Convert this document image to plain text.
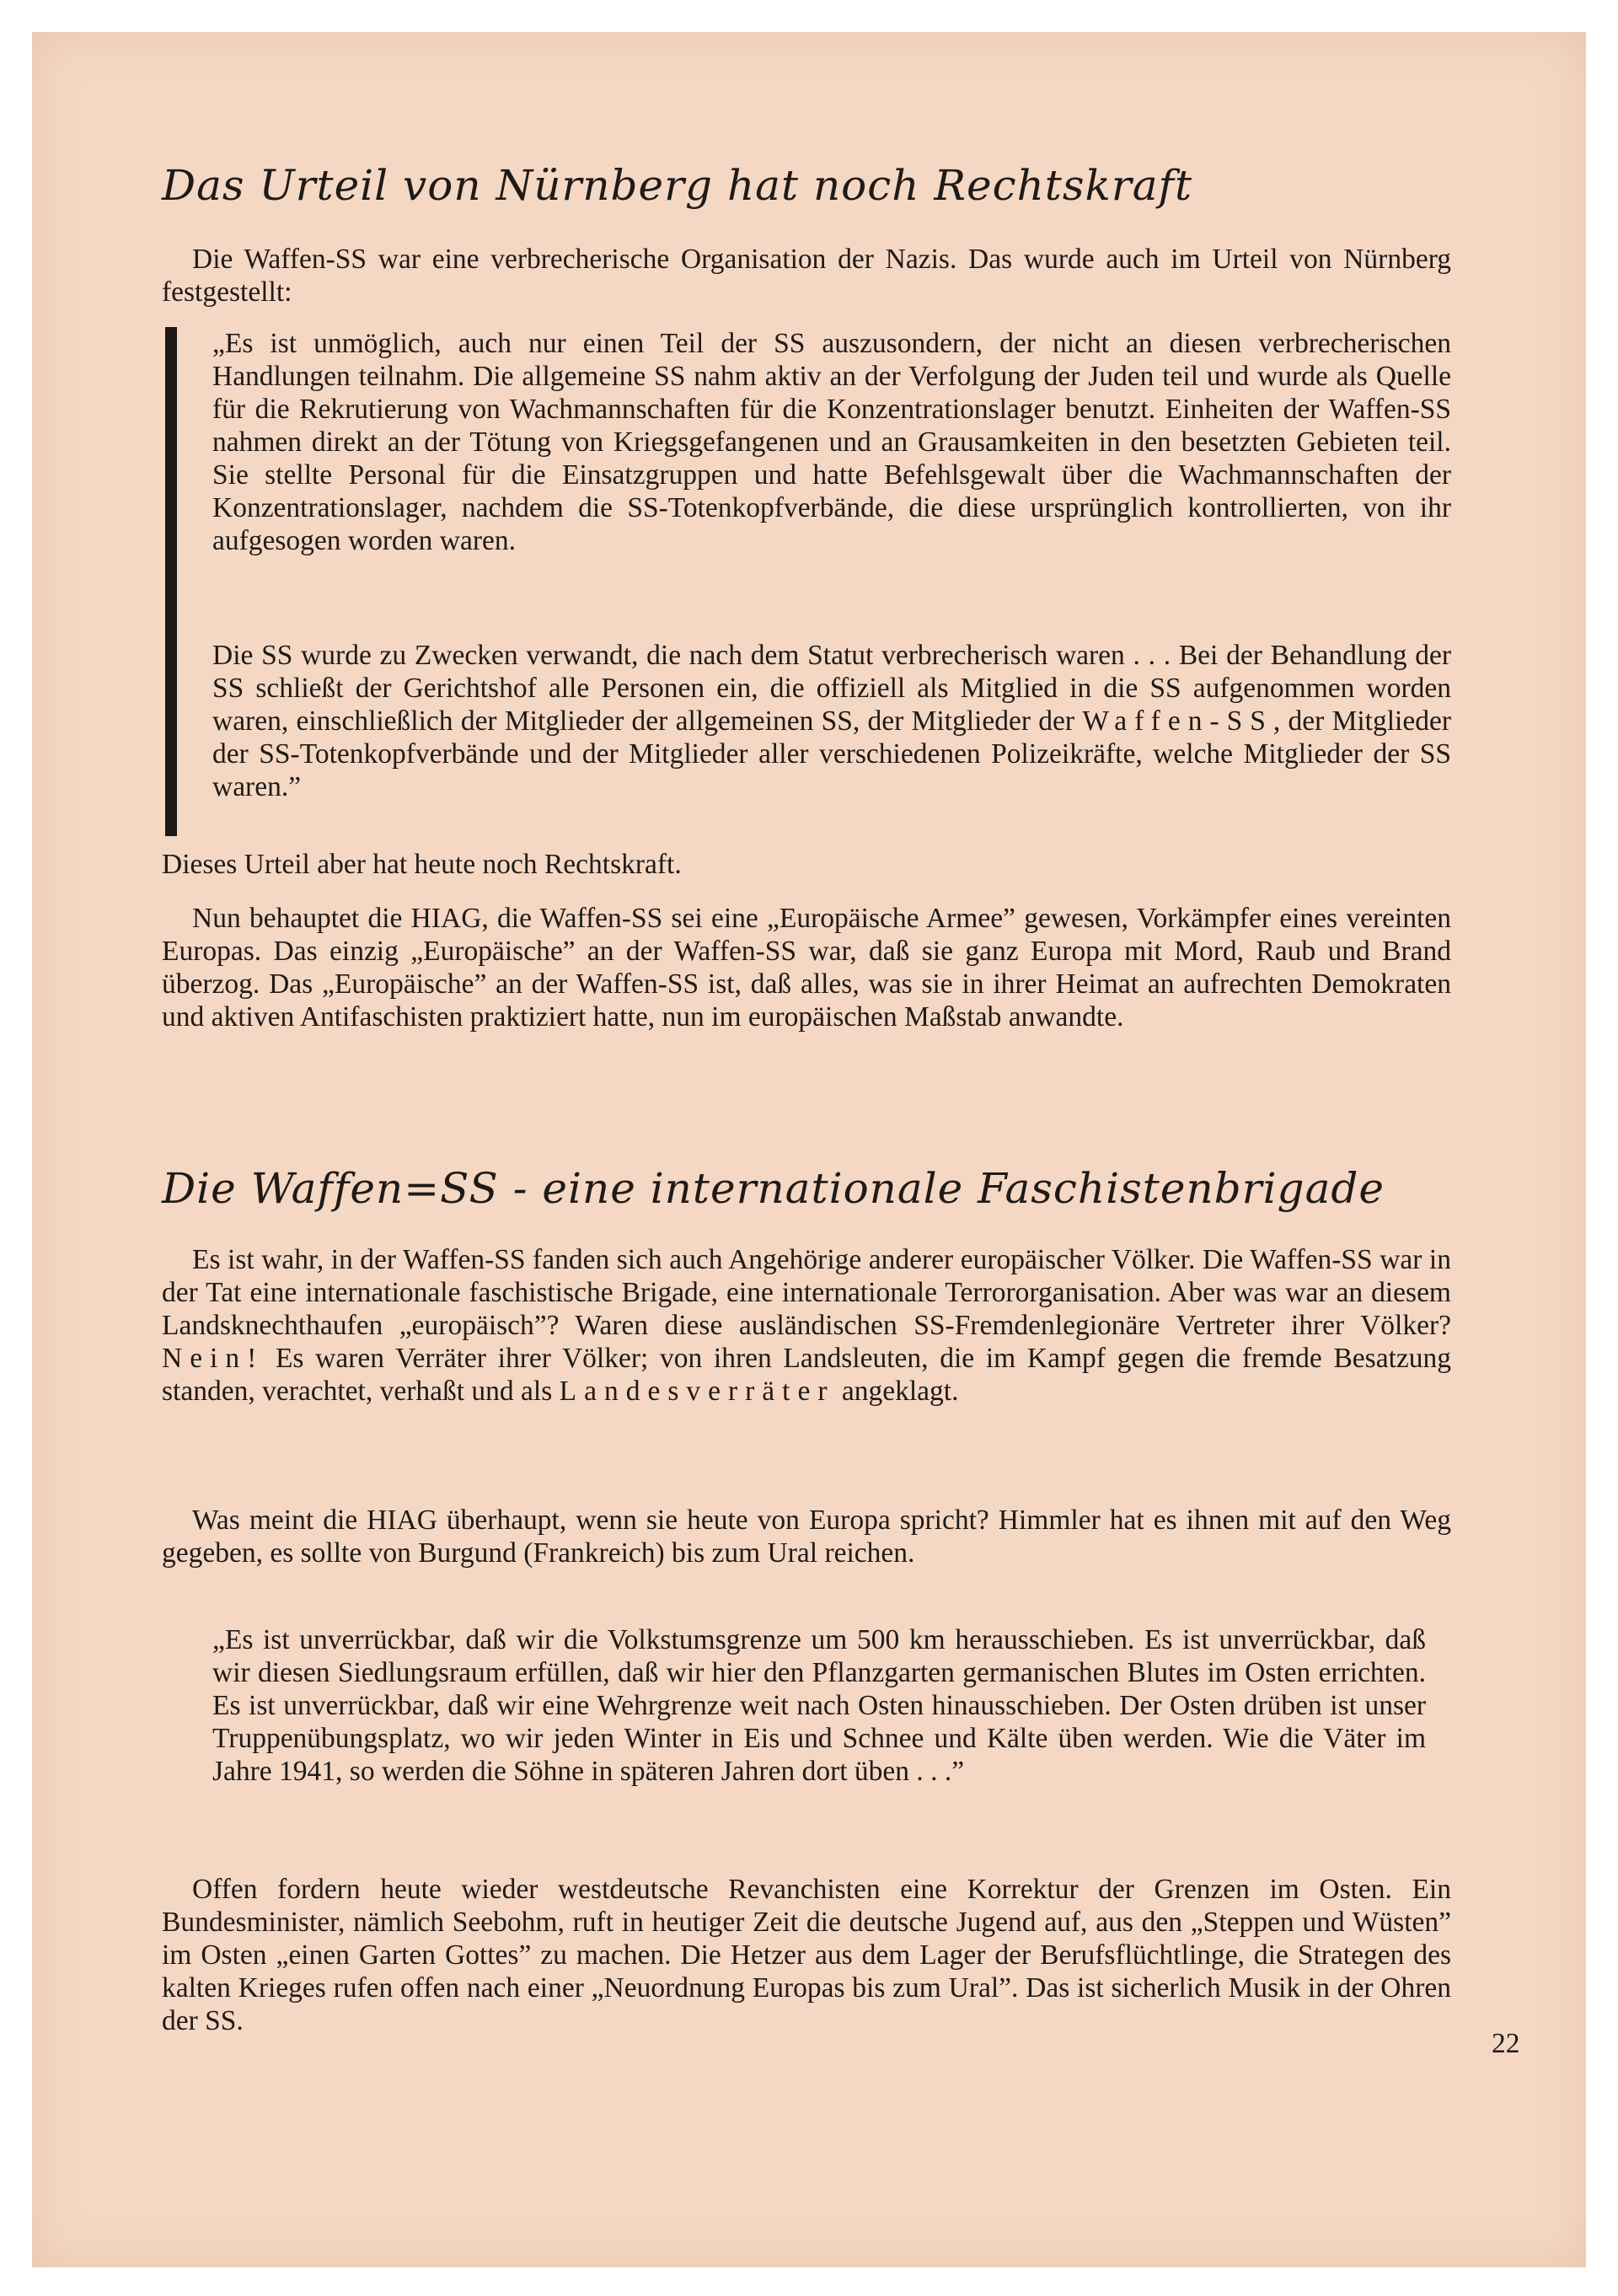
Das Urteil von Nürnberg hat noch Rechtskraft

Die Waffen-SS war eine verbrecherische Organisation der Nazis. Das wurde auch im Urteil von Nürnberg festgestellt:

„Es ist unmöglich, auch nur einen Teil der SS auszusondern, der nicht an diesen verbrecherischen Handlungen teilnahm. Die allgemeine SS nahm aktiv an der Verfolgung der Juden teil und wurde als Quelle für die Rekrutierung von Wachmannschaften für die Konzentrationslager benutzt. Einheiten der Waffen-SS nahmen direkt an der Tötung von Kriegsgefangenen und an Grausamkeiten in den besetzten Gebieten teil. Sie stellte Personal für die Einsatzgruppen und hatte Befehlsgewalt über die Wachmannschaften der Konzentrationslager, nachdem die SS-Totenkopfverbände, die diese ursprünglich kontrollierten, von ihr aufgesogen worden waren.

Die SS wurde zu Zwecken verwandt, die nach dem Statut verbrecherisch waren . . . Bei der Behandlung der SS schließt der Gerichtshof alle Personen ein, die offiziell als Mitglied in die SS aufgenommen worden waren, einschließlich der Mitglieder der allgemeinen SS, der Mitglieder der Waffen-SS, der Mitglieder der SS-Totenkopfverbände und der Mitglieder aller verschiedenen Polizeikräfte, welche Mitglieder der SS waren.”

Dieses Urteil aber hat heute noch Rechtskraft.

Nun behauptet die HIAG, die Waffen-SS sei eine „Europäische Armee” gewesen, Vorkämpfer eines vereinten Europas. Das einzig „Europäische” an der Waffen-SS war, daß sie ganz Europa mit Mord, Raub und Brand überzog. Das „Europäische” an der Waffen-SS ist, daß alles, was sie in ihrer Heimat an aufrechten Demokraten und aktiven Antifaschisten praktiziert hatte, nun im europäischen Maßstab anwandte.

Die Waffen=SS - eine internationale Faschistenbrigade

Es ist wahr, in der Waffen-SS fanden sich auch Angehörige anderer europäischer Völker. Die Waffen-SS war in der Tat eine internationale faschistische Brigade, eine internationale Terrororganisation. Aber was war an diesem Landsknechthaufen „europäisch”? Waren diese ausländischen SS-Fremdenlegionäre Vertreter ihrer Völker? Nein! Es waren Verräter ihrer Völker; von ihren Landsleuten, die im Kampf gegen die fremde Besatzung standen, verachtet, verhaßt und als Landesverräter angeklagt.

Was meint die HIAG überhaupt, wenn sie heute von Europa spricht? Himmler hat es ihnen mit auf den Weg gegeben, es sollte von Burgund (Frankreich) bis zum Ural reichen.

„Es ist unverrückbar, daß wir die Volkstumsgrenze um 500 km herausschieben. Es ist unverrückbar, daß wir diesen Siedlungsraum erfüllen, daß wir hier den Pflanzgarten germanischen Blutes im Osten errichten. Es ist unverrückbar, daß wir eine Wehrgrenze weit nach Osten hinausschieben. Der Osten drüben ist unser Truppenübungsplatz, wo wir jeden Winter in Eis und Schnee und Kälte üben werden. Wie die Väter im Jahre 1941, so werden die Söhne in späteren Jahren dort üben . . .”

Offen fordern heute wieder westdeutsche Revanchisten eine Korrektur der Grenzen im Osten. Ein Bundesminister, nämlich Seebohm, ruft in heutiger Zeit die deutsche Jugend auf, aus den „Steppen und Wüsten” im Osten „einen Garten Gottes” zu machen. Die Hetzer aus dem Lager der Berufsflüchtlinge, die Strategen des kalten Krieges rufen offen nach einer „Neuordnung Europas bis zum Ural”. Das ist sicherlich Musik in der Ohren der SS.

22
